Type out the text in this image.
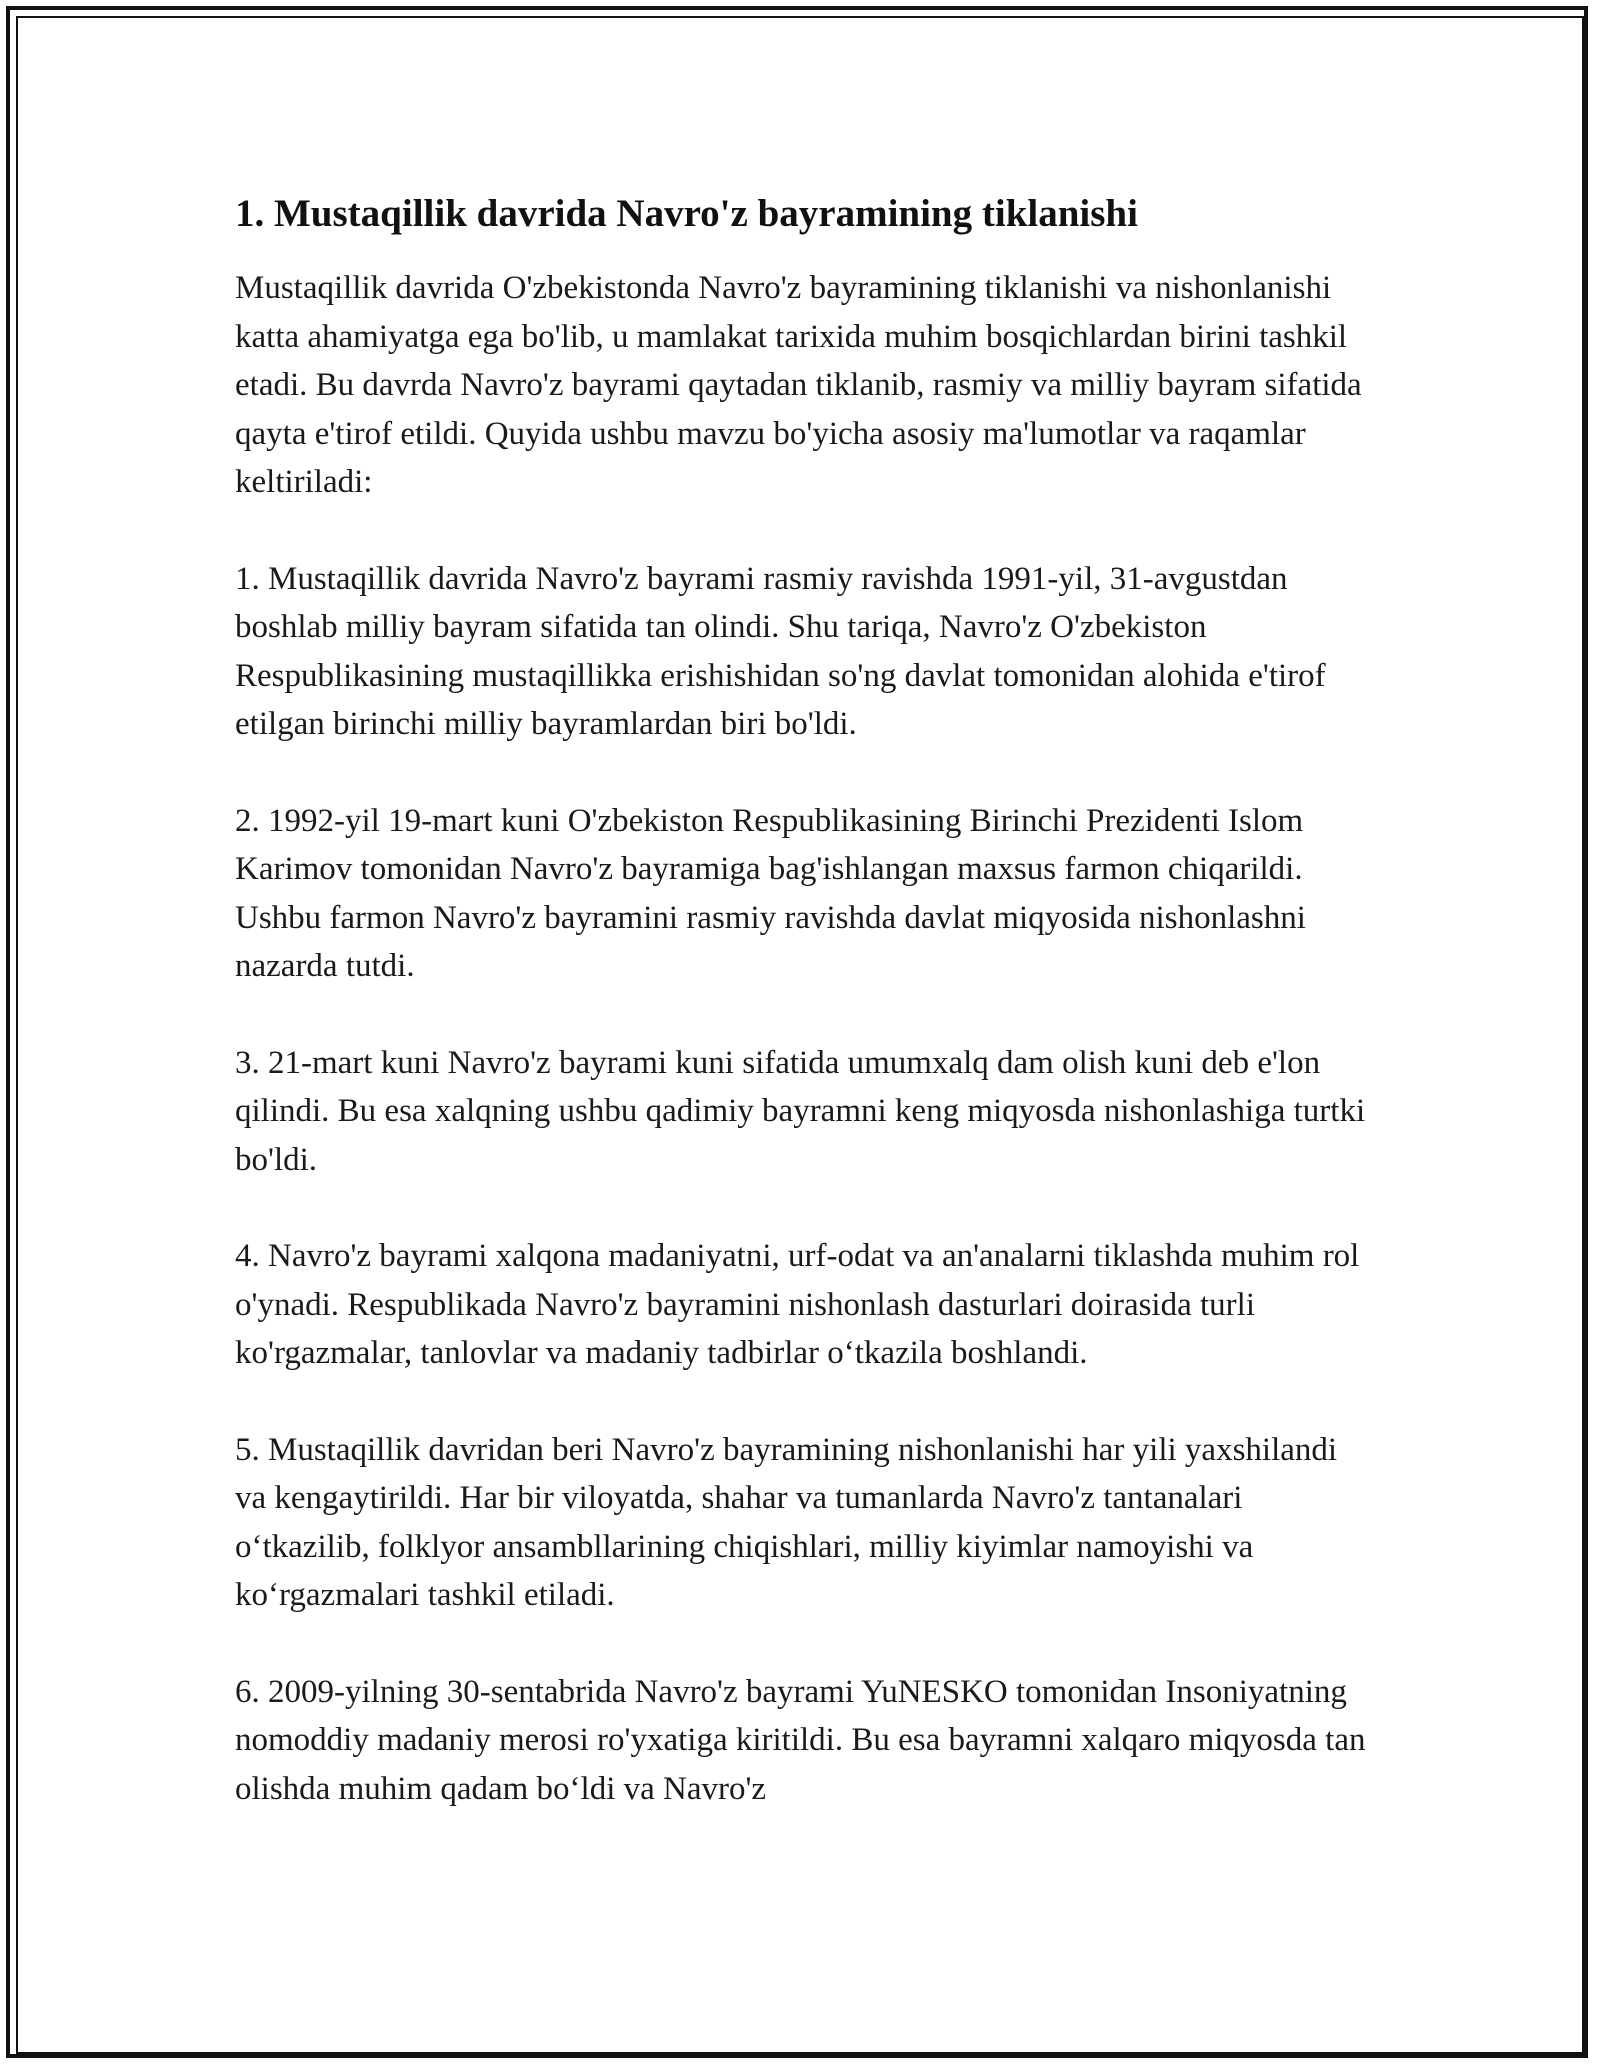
1. Mustaqillik davrida Navro'z bayramining tiklanishi

Mustaqillik davrida O'zbekistonda Navro'z bayramining tiklanishi va nishonlanishi katta ahamiyatga ega bo'lib, u mamlakat tarixida muhim bosqichlardan birini tashkil etadi. Bu davrda Navro'z bayrami qaytadan tiklanib, rasmiy va milliy bayram sifatida qayta e'tirof etildi. Quyida ushbu mavzu bo'yicha asosiy ma'lumotlar va raqamlar keltiriladi:

1. Mustaqillik davrida Navro'z bayrami rasmiy ravishda 1991-yil, 31-avgustdan boshlab milliy bayram sifatida tan olindi. Shu tariqa, Navro'z O'zbekiston Respublikasining mustaqillikka erishishidan so'ng davlat tomonidan alohida e'tirof etilgan birinchi milliy bayramlardan biri bo'ldi.

2. 1992-yil 19-mart kuni O'zbekiston Respublikasining Birinchi Prezidenti Islom Karimov tomonidan Navro'z bayramiga bag'ishlangan maxsus farmon chiqarildi. Ushbu farmon Navro'z bayramini rasmiy ravishda davlat miqyosida nishonlashni nazarda tutdi.

3. 21-mart kuni Navro'z bayrami kuni sifatida umumxalq dam olish kuni deb e'lon qilindi. Bu esa xalqning ushbu qadimiy bayramni keng miqyosda nishonlashiga turtki bo'ldi.

4. Navro'z bayrami xalqona madaniyatni, urf-odat va an'analarni tiklashda muhim rol o'ynadi. Respublikada Navro'z bayramini nishonlash dasturlari doirasida turli ko'rgazmalar, tanlovlar va madaniy tadbirlar o‘tkazila boshlandi.

5. Mustaqillik davridan beri Navro'z bayramining nishonlanishi har yili yaxshilandi va kengaytirildi. Har bir viloyatda, shahar va tumanlarda Navro'z tantanalari o‘tkazilib, folklyor ansambllarining chiqishlari, milliy kiyimlar namoyishi va ko‘rgazmalari tashkil etiladi.

6. 2009-yilning 30-sentabrida Navro'z bayrami YuNESKO tomonidan Insoniyatning nomoddiy madaniy merosi ro'yxatiga kiritildi. Bu esa bayramni xalqaro miqyosda tan olishda muhim qadam bo‘ldi va Navro'z
